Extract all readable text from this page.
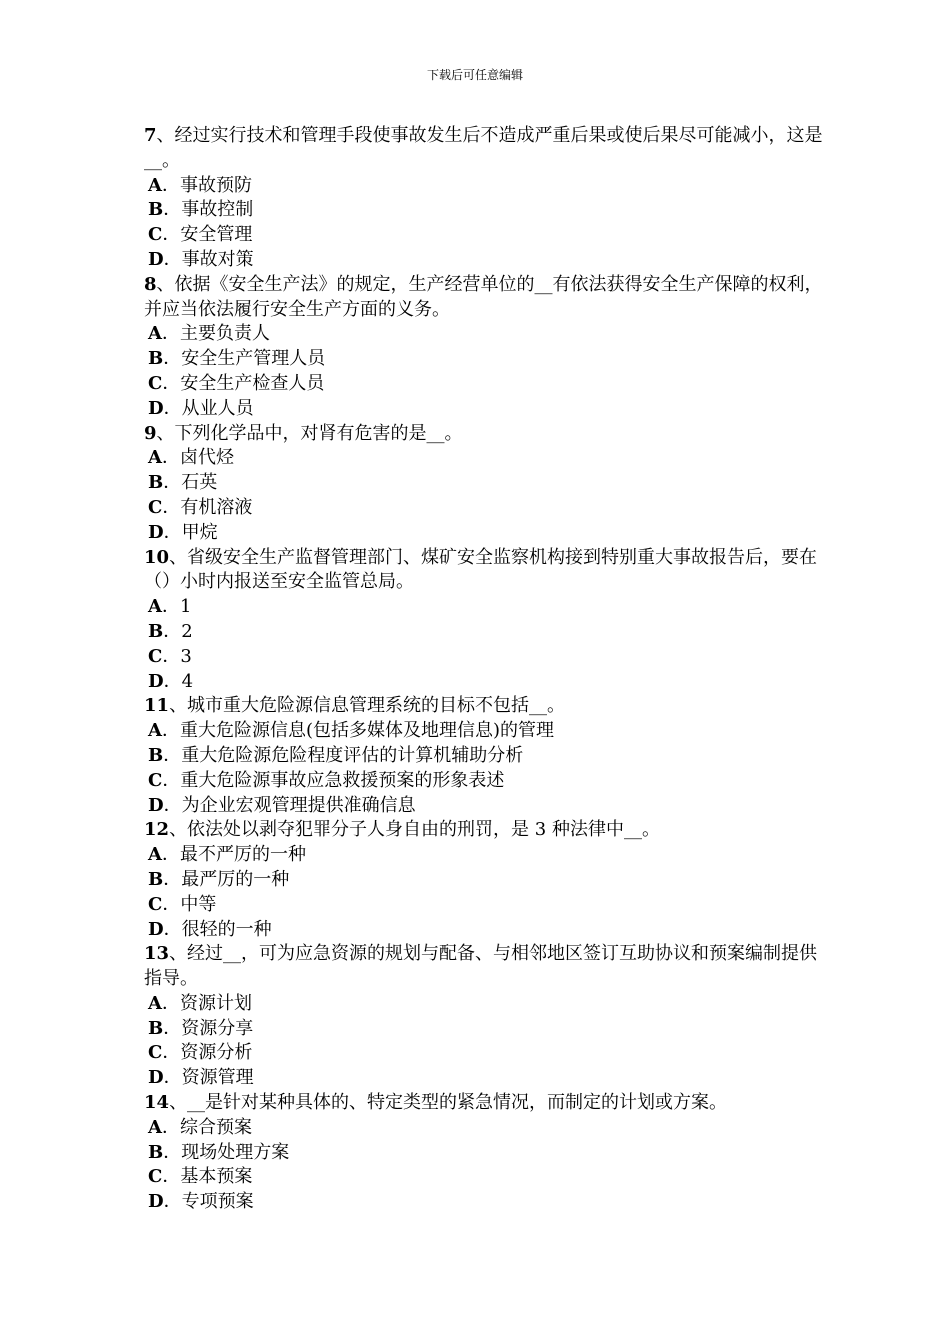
下载后可任意编辑
7、经过实行技术和管理手段使事故发生后不造成严重后果或使后果尽可能减小，这是__。
A．事故预防
B．事故控制
C．安全管理
D．事故对策
8、依据《安全生产法》的规定，生产经营单位的__有依法获得安全生产保障的权利，并应当依法履行安全生产方面的义务。
A．主要负责人
B．安全生产管理人员
C．安全生产检查人员
D．从业人员
9、下列化学品中，对肾有危害的是__。
A．卤代烃
B．石英
C．有机溶液
D．甲烷
10、省级安全生产监督管理部门、煤矿安全监察机构接到特别重大事故报告后，要在（）小时内报送至安全监管总局。
A．1
B．2
C．3
D．4
11、城市重大危险源信息管理系统的目标不包括__。
A．重大危险源信息(包括多媒体及地理信息)的管理
B．重大危险源危险程度评估的计算机辅助分析
C．重大危险源事故应急救援预案的形象表述
D．为企业宏观管理提供准确信息
12、依法处以剥夺犯罪分子人身自由的刑罚，是 3 种法律中__。
A．最不严厉的一种
B．最严厉的一种
C．中等
D．很轻的一种
13、经过__，可为应急资源的规划与配备、与相邻地区签订互助协议和预案编制提供指导。
A．资源计划
B．资源分享
C．资源分析
D．资源管理
14、__是针对某种具体的、特定类型的紧急情况，而制定的计划或方案。
A．综合预案
B．现场处理方案
C．基本预案
D．专项预案
